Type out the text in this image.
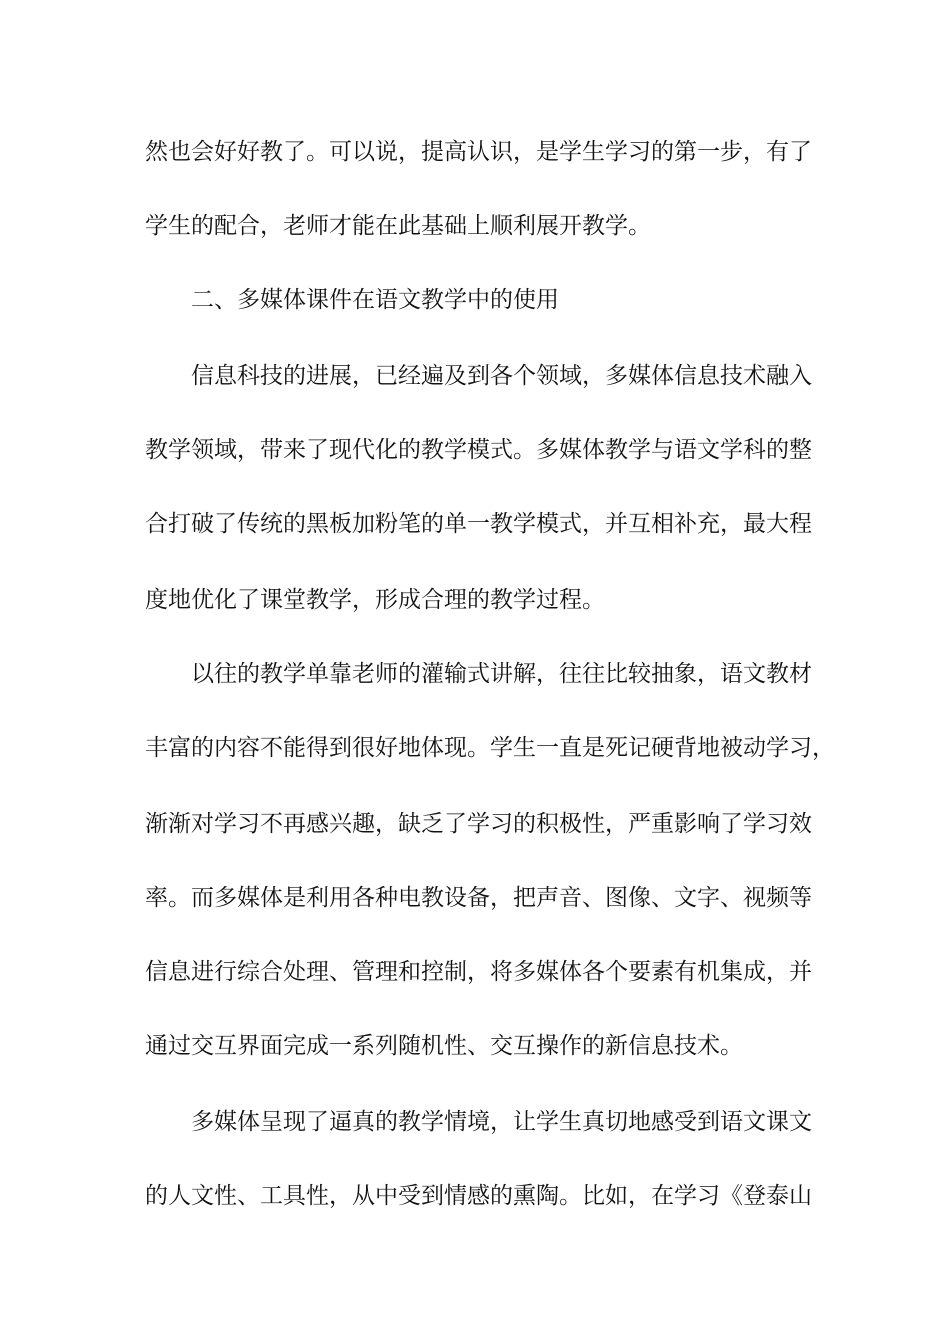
然也会好好教了。可以说，提高认识，是学生学习的第一步，有了
学生的配合，老师才能在此基础上顺利展开教学。
二、多媒体课件在语文教学中的使用
信息科技的进展，已经遍及到各个领域，多媒体信息技术融入
教学领域，带来了现代化的教学模式。多媒体教学与语文学科的整
合打破了传统的黑板加粉笔的单一教学模式，并互相补充，最大程
度地优化了课堂教学，形成合理的教学过程。
以往的教学单靠老师的灌输式讲解，往往比较抽象，语文教材
丰富的内容不能得到很好地体现。学生一直是死记硬背地被动学习，
渐渐对学习不再感兴趣，缺乏了学习的积极性，严重影响了学习效
率。而多媒体是利用各种电教设备，把声音、图像、文字、视频等
信息进行综合处理、管理和控制，将多媒体各个要素有机集成，并
通过交互界面完成一系列随机性、交互操作的新信息技术。
多媒体呈现了逼真的教学情境，让学生真切地感受到语文课文
的人文性、工具性，从中受到情感的熏陶。比如，在学习《登泰山
